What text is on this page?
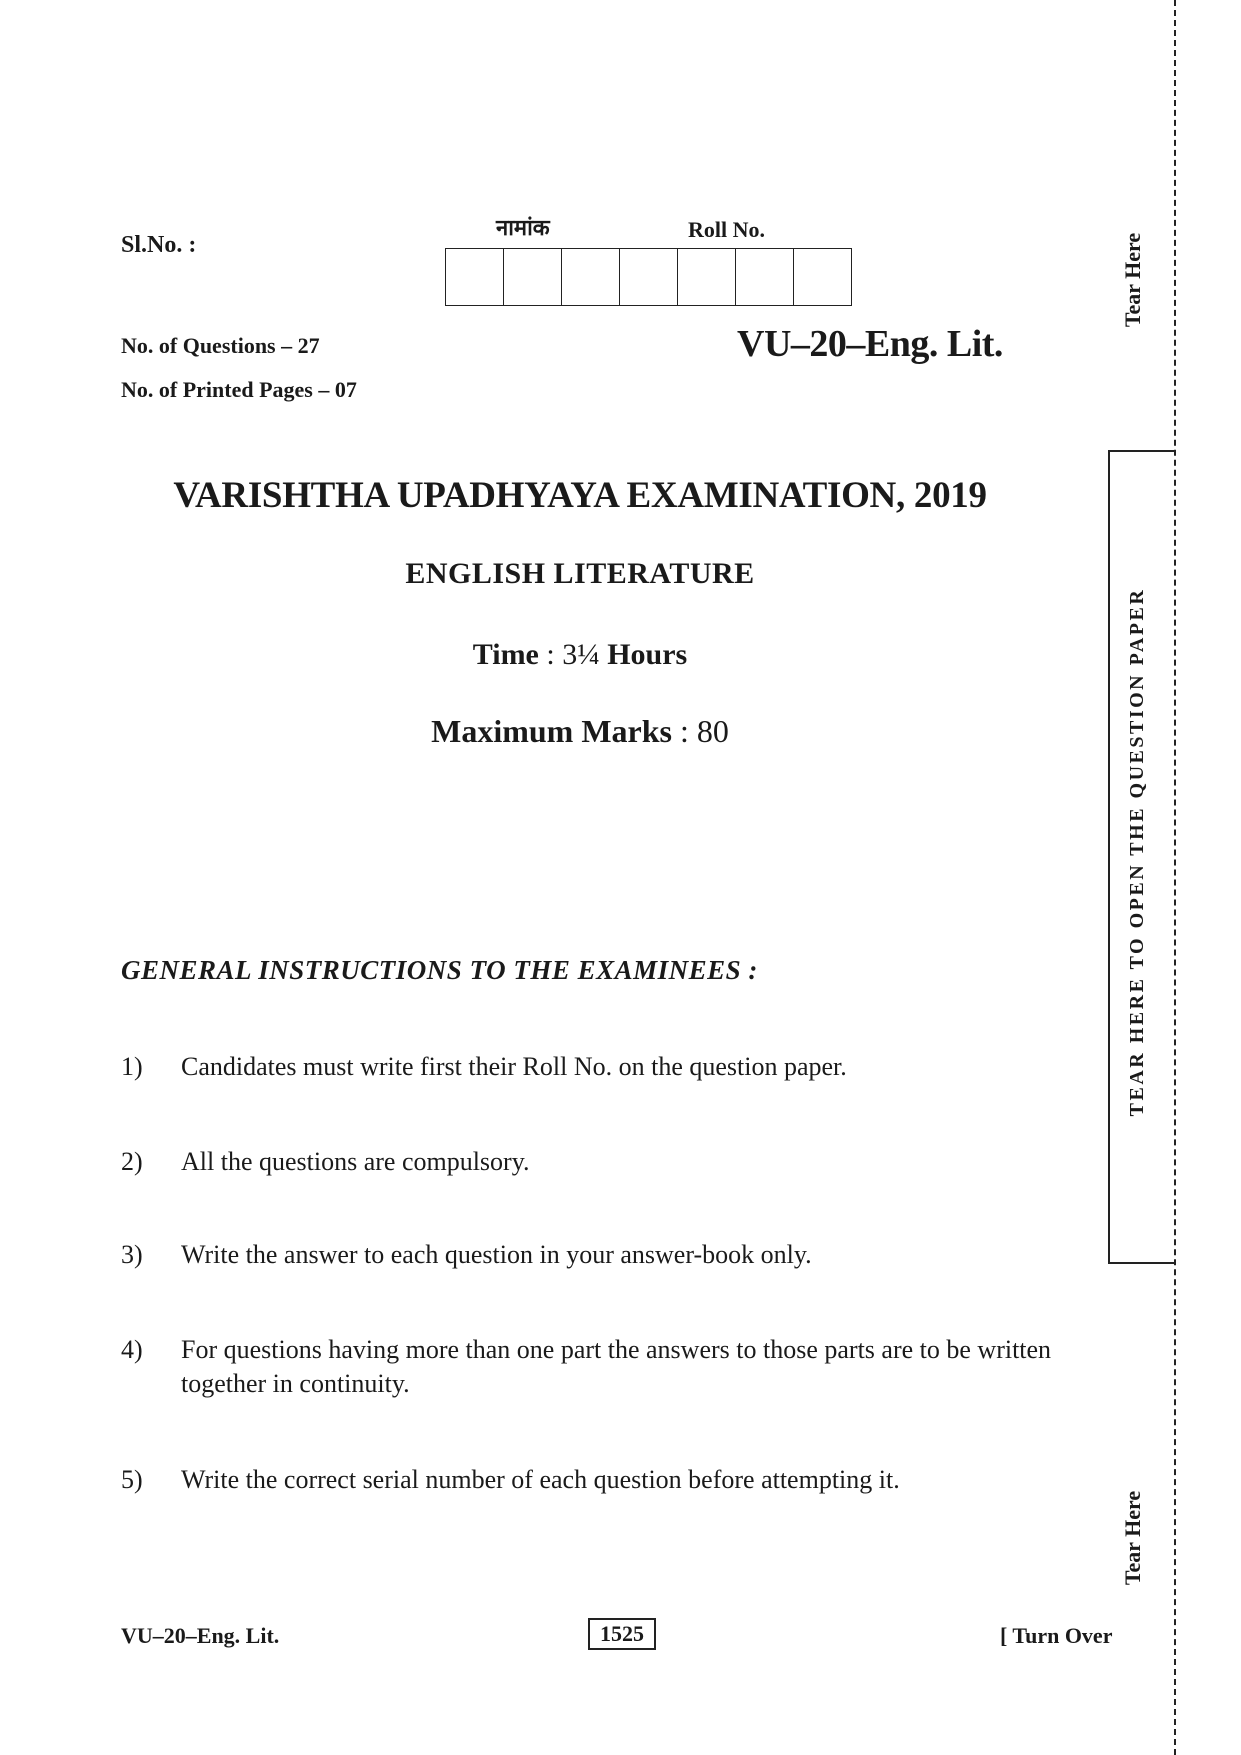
Sl.No. :
नामांक	Roll No.
No. of Questions – 27
No. of Printed Pages – 07
VU–20–Eng. Lit.
VARISHTHA UPADHYAYA EXAMINATION, 2019
ENGLISH LITERATURE
Time : 3¼ Hours
Maximum Marks : 80
GENERAL INSTRUCTIONS TO THE EXAMINEES :
1)	Candidates must write first their Roll No. on the question paper.
2)	All the questions are compulsory.
3)	Write the answer to each question in your answer-book only.
4)	For questions having more than one part the answers to those parts are to be written together in continuity.
5)	Write the correct serial number of each question before attempting it.
VU–20–Eng. Lit.	1525	[ Turn Over
Tear Here
Tear Here
TEAR HERE TO OPEN THE QUESTION PAPER
